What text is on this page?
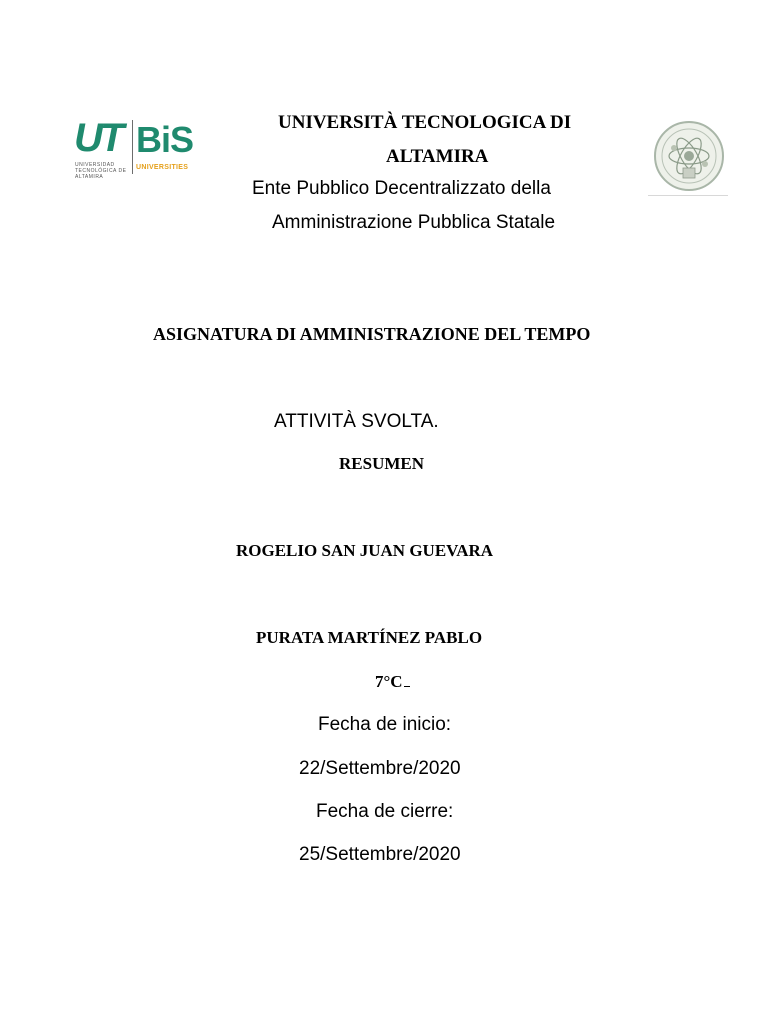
UT
UNIVERSIDAD TECNOLÓGICA DE ALTAMIRA
BiS
UNIVERSITIES
UNIVERSITÀ TECNOLOGICA DI
ALTAMIRA
Ente Pubblico Decentralizzato della
Amministrazione Pubblica Statale
ASIGNATURA DI AMMINISTRAZIONE DEL TEMPO
ATTIVITÀ SVOLTA.
RESUMEN
ROGELIO SAN JUAN GUEVARA
PURATA MARTÍNEZ PABLO
7°C
Fecha de inicio:
22/Settembre/2020
Fecha de cierre:
25/Settembre/2020
